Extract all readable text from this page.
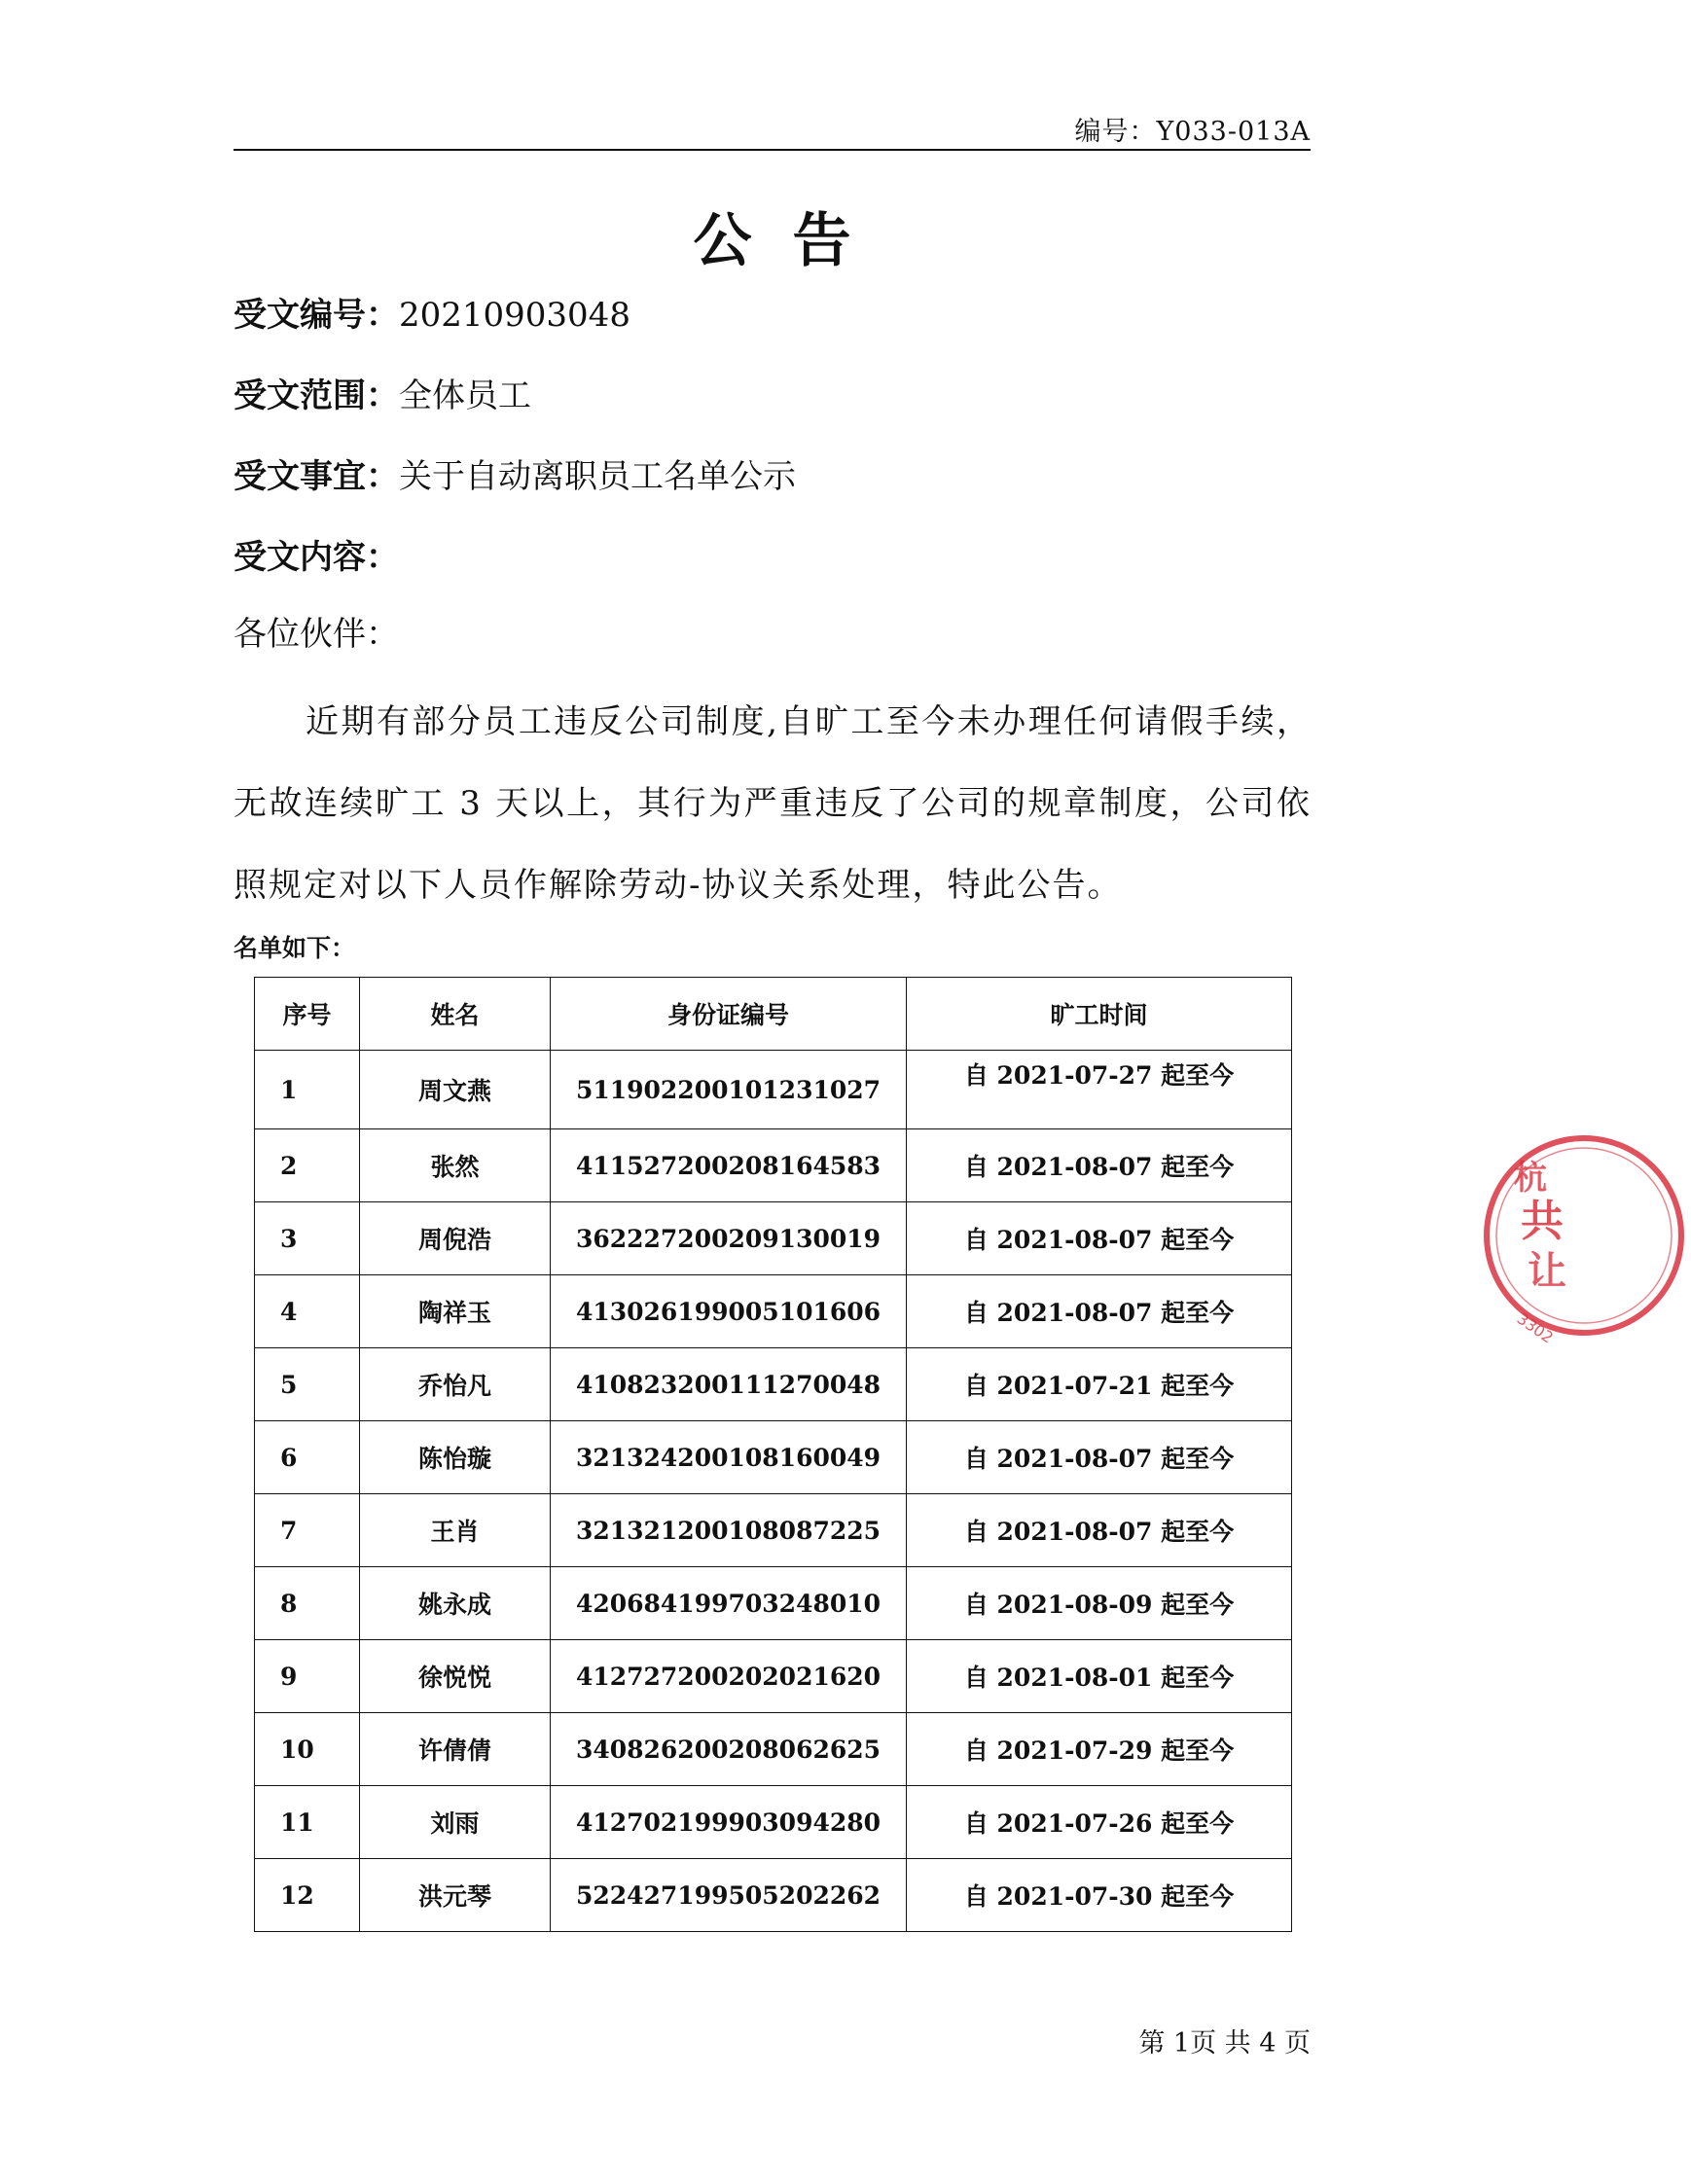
编号：Y033-013A
公告
受文编号：20210903048
受文范围：全体员工
受文事宜：关于自动离职员工名单公示
受文内容：
各位伙伴：
近期有部分员工违反公司制度,自旷工至今未办理任何请假手续，无故连续旷工 3 天以上，其行为严重违反了公司的规章制度，公司依照规定对以下人员作解除劳动-协议关系处理，特此公告。
名单如下：
序号	姓名	身份证编号	旷工时间
1	周文燕	511902200101231027	自 2021-07-27 起至今
2	张然	411527200208164583	自 2021-08-07 起至今
3	周倪浩	362227200209130019	自 2021-08-07 起至今
4	陶祥玉	413026199005101606	自 2021-08-07 起至今
5	乔怡凡	410823200111270048	自 2021-07-21 起至今
6	陈怡璇	321324200108160049	自 2021-08-07 起至今
7	王肖	321321200108087225	自 2021-08-07 起至今
8	姚永成	420684199703248010	自 2021-08-09 起至今
9	徐悦悦	412727200202021620	自 2021-08-01 起至今
10	许倩倩	340826200208062625	自 2021-07-29 起至今
11	刘雨	412702199903094280	自 2021-07-26 起至今
12	洪元琴	522427199505202262	自 2021-07-30 起至今
第 1页 共 4 页
共
杭
让
3302
